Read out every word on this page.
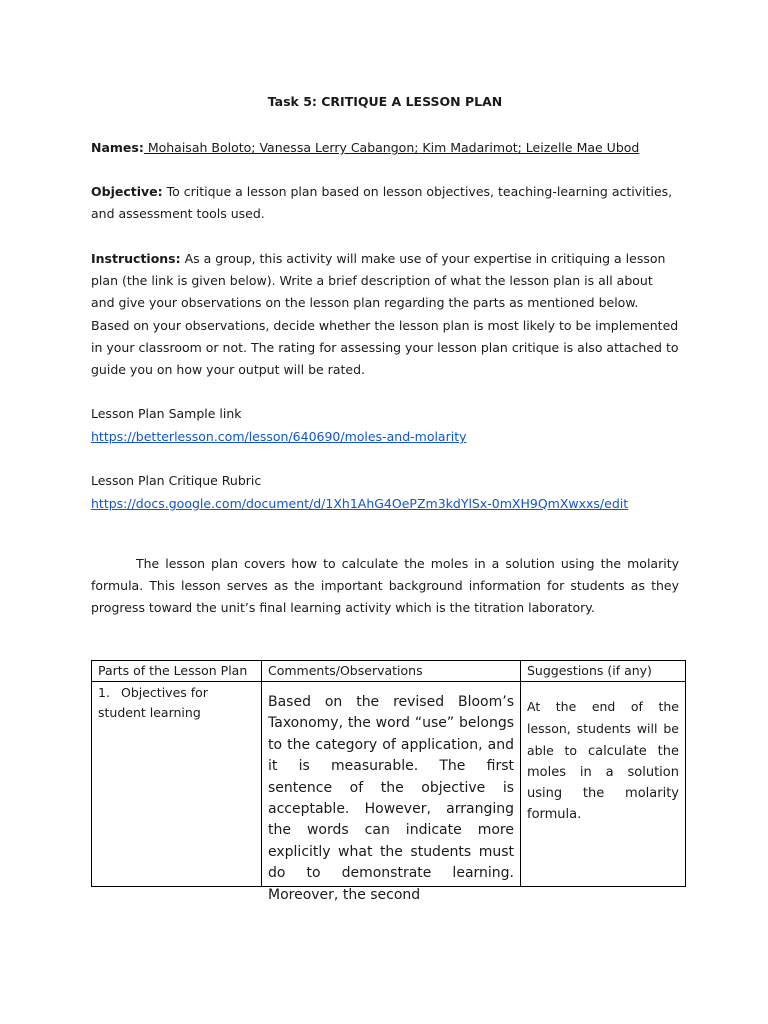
Task 5: CRITIQUE A LESSON PLAN
Names: Mohaisah Boloto; Vanessa Lerry Cabangon; Kim Madarimot; Leizelle Mae Ubod
Objective: To critique a lesson plan based on lesson objectives, teaching-learning activities, and assessment tools used.
Instructions: As a group, this activity will make use of your expertise in critiquing a lesson plan (the link is given below). Write a brief description of what the lesson plan is all about and give your observations on the lesson plan regarding the parts as mentioned below. Based on your observations, decide whether the lesson plan is most likely to be implemented in your classroom or not. The rating for assessing your lesson plan critique is also attached to guide you on how your output will be rated.
Lesson Plan Sample link
https://betterlesson.com/lesson/640690/moles-and-molarity
Lesson Plan Critique Rubric
https://docs.google.com/document/d/1Xh1AhG4OePZm3kdYlSx-0mXH9QmXwxxs/edit
The lesson plan covers how to calculate the moles in a solution using the molarity formula. This lesson serves as the important background information for students as they progress toward the unit’s final learning activity which is the titration laboratory.
Parts of the Lesson Plan	Comments/Observations	Suggestions (if any)

1. Objectives for student learning	Based on the revised Bloom’s Taxonomy, the word “use” belongs to the category of application, and it is measurable. The first sentence of the objective is acceptable. However, arranging the words can indicate more explicitly what the students must do to demonstrate learning. Moreover, the second	At the end of the lesson, students will be able to calculate the moles in a solution using the molarity formula.
